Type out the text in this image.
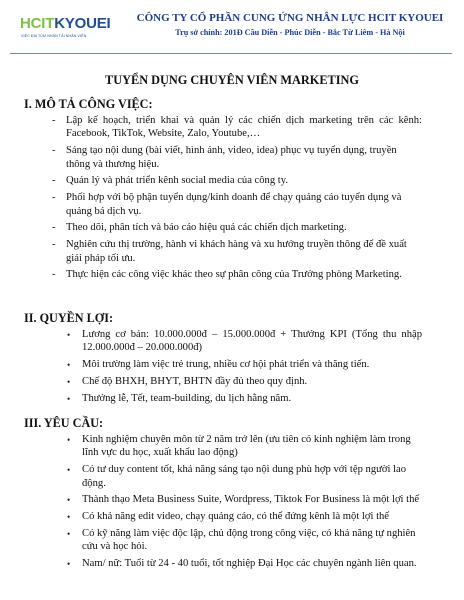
HCITKYOUEI
VIỆC ĐỊA TÙM NHÂN TÀI NHÂN VIÊN
CÔNG TY CỔ PHẦN CUNG ỨNG NHÂN LỰC HCIT KYOUEI
Trụ sở chính: 201Đ Cầu Diễn - Phúc Diễn - Bắc Từ Liêm - Hà Nội
TUYỂN DỤNG CHUYÊN VIÊN MARKETING
I. MÔ TẢ CÔNG VIỆC:
- Lập kế hoạch, triển khai và quản lý các chiến dịch marketing trên các kênh: Facebook, TikTok, Website, Zalo, Youtube,…
- Sáng tạo nội dung (bài viết, hình ảnh, video, idea) phục vụ tuyển dụng, truyền thông và thương hiệu.
- Quản lý và phát triển kênh social media của công ty.
- Phối hợp với bộ phận tuyển dụng/kinh doanh để chạy quảng cáo tuyển dụng và quảng bá dịch vụ.
- Theo dõi, phân tích và báo cáo hiệu quả các chiến dịch marketing.
- Nghiên cứu thị trường, hành vi khách hàng và xu hướng truyền thông để đề xuất giải pháp tối ưu.
- Thực hiện các công việc khác theo sự phân công của Trưởng phòng Marketing.
II. QUYỀN LỢI:
• Lương cơ bản: 10.000.000đ – 15.000.000đ + Thưởng KPI (Tổng thu nhập 12.000.000đ – 20.000.000đ)
• Môi trường làm việc trẻ trung, nhiều cơ hội phát triển và thăng tiến.
• Chế độ BHXH, BHYT, BHTN đầy đủ theo quy định.
• Thưởng lễ, Tết, team-building, du lịch hằng năm.
III. YÊU CẦU:
• Kinh nghiệm chuyên môn từ 2 năm trở lên (ưu tiên có kinh nghiệm làm trong lĩnh vực du học, xuất khẩu lao động)
• Có tư duy content tốt, khả năng sáng tạo nội dung phù hợp với tệp người lao động.
• Thành thạo Meta Business Suite, Wordpress, Tiktok For Business là một lợi thế
• Có khả năng edit video, chạy quảng cáo, có thể đứng kênh là một lợi thế
• Có kỹ năng làm việc độc lập, chủ động trong công việc, có khả năng tự nghiên cứu và học hỏi.
• Nam/ nữ: Tuổi từ 24 - 40 tuổi, tốt nghiệp Đại Học các chuyên ngành liên quan.
